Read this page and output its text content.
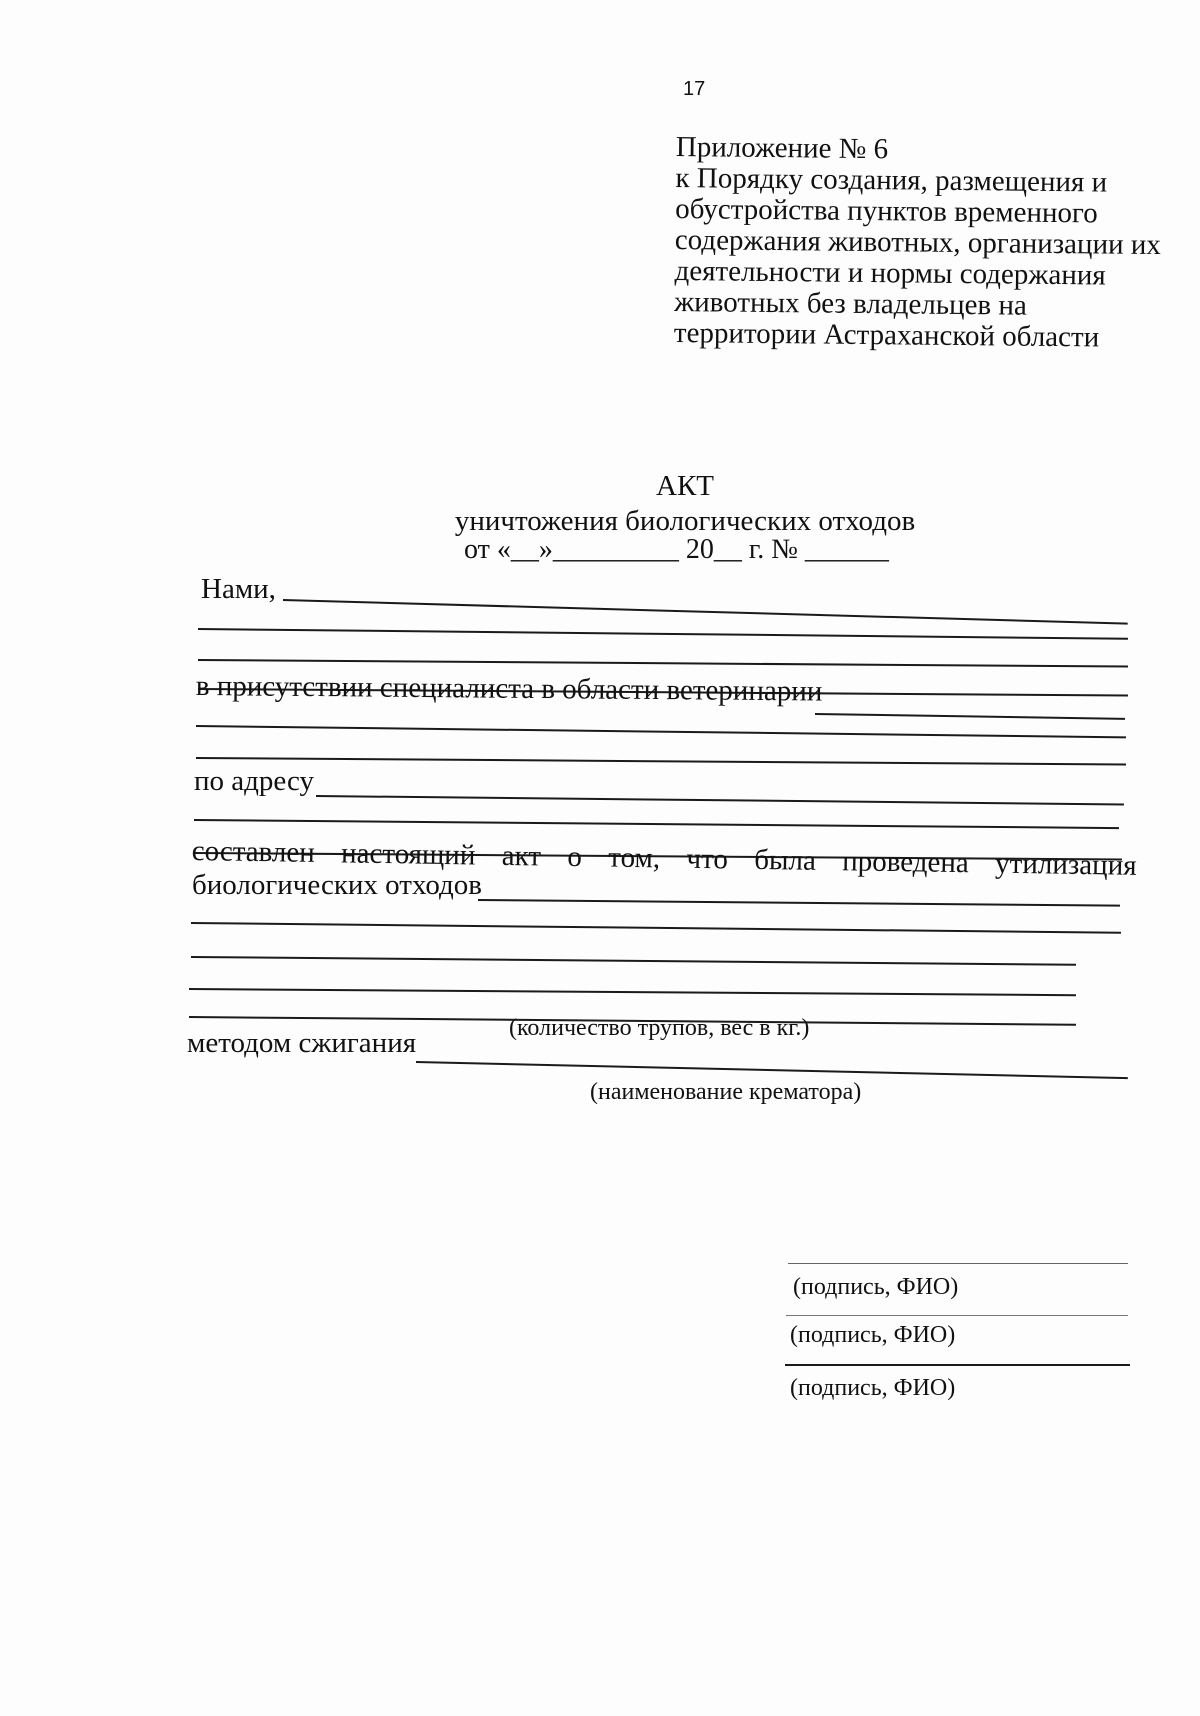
17
Приложение № 6
к Порядку создания, размещения и
обустройства пунктов временного
содержания животных, организации их
деятельности и нормы содержания
животных без владельцев на
территории Астраханской области
АКТ
уничтожения биологических отходов
от «__»_________ 20__ г. № ______
Нами,
в присутствии специалиста в области ветеринарии
по адресу
составлен настоящий акт о том, что была проведена утилизация
биологических отходов
(количество трупов, вес в кг.)
методом сжигания
(наименование крематора)
(подпись, ФИО)
(подпись, ФИО)
(подпись, ФИО)
